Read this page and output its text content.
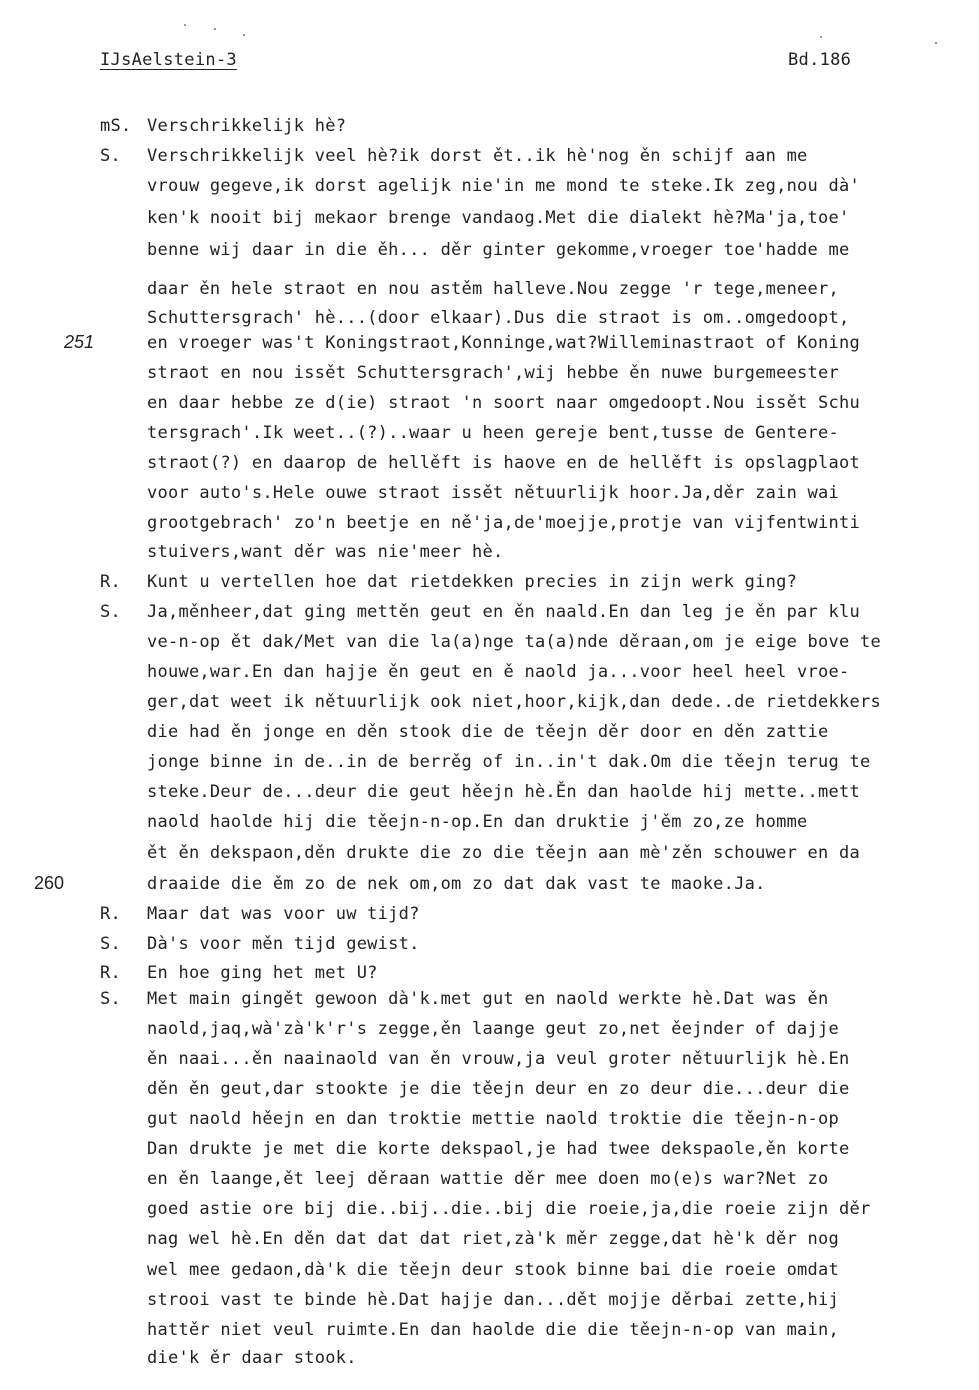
IJsAelstein-3	Bd.186
251
260
mS. Verschrikkelijk hè?
S. Verschrikkelijk veel hè?ik dorst ět..ik hè'nog ěn schijf aan me
vrouw gegeve,ik dorst agelijk nie'in me mond te steke.Ik zeg,nou dà'
ken'k nooit bij mekaor brenge vandaog.Met die dialekt hè?Ma'ja,toe'
benne wij daar in die ěh... děr ginter gekomme,vroeger toe'hadde me
daar ěn hele straot en nou astěm halleve.Nou zegge 'r tege,meneer,
Schuttersgrach' hè...(door elkaar).Dus die straot is om..omgedoopt,
en vroeger was't Koningstraot,Konninge,wat?Willeminastraot of Koning
straot en nou issět Schuttersgrach',wij hebbe ěn nuwe burgemeester
en daar hebbe ze d(ie) straot 'n soort naar omgedoopt.Nou issět Schu
tersgrach'.Ik weet..(?)..waar u heen gereje bent,tusse de Gentere-
straot(?) en daarop de hellěft is haove en de hellěft is opslagplaot
voor auto's.Hele ouwe straot issět nětuurlijk hoor.Ja,děr zain wai
grootgebrach' zo'n beetje en ně'ja,de'moejje,protje van vijfentwinti
stuivers,want děr was nie'meer hè.
R. Kunt u vertellen hoe dat rietdekken precies in zijn werk ging?
S. Ja,měnheer,dat ging mettěn geut en ěn naald.En dan leg je ěn par klu
ve-n-op ět dak/Met van die la(a)nge ta(a)nde děraan,om je eige bove te
houwe,war.En dan hajje ěn geut en ě naold ja...voor heel heel vroe-
ger,dat weet ik nětuurlijk ook niet,hoor,kijk,dan dede..de rietdekkers
die had ěn jonge en děn stook die de těejn děr door en děn zattie
jonge binne in de..in de berrěg of in..in't dak.Om die těejn terug te
steke.Deur de...deur die geut hěejn hè.Ěn dan haolde hij mette..mett
naold haolde hij die těejn-n-op.En dan druktie j'ěm zo,ze homme
ět ěn dekspaon,děn drukte die zo die těejn aan mè'zěn schouwer en da
draaide die ěm zo de nek om,om zo dat dak vast te maoke.Ja.
R. Maar dat was voor uw tijd?
S. Dà's voor měn tijd gewist.
R. En hoe ging het met U?
S. Met main gingět gewoon dà'k.met gut en naold werkte hè.Dat was ěn
naold,jaq,wà'zà'k'r's zegge,ěn laange geut zo,net ěejnder of dajje
ěn naai...ěn naainaold van ěn vrouw,ja veul groter nětuurlijk hè.En
děn ěn geut,dar stookte je die těejn deur en zo deur die...deur die
gut naold hěejn en dan troktie mettie naold troktie die těejn-n-op
Dan drukte je met die korte dekspaol,je had twee dekspaole,ěn korte
en ěn laange,ět leej děraan wattie děr mee doen mo(e)s war?Net zo
goed astie ore bij die..bij..die..bij die roeie,ja,die roeie zijn děr
nag wel hè.En děn dat dat dat riet,zà'k měr zegge,dat hè'k děr nog
wel mee gedaon,dà'k die těejn deur stook binne bai die roeie omdat
strooi vast te binde hè.Dat hajje dan...dět mojje děrbai zette,hij
hattěr niet veul ruimte.En dan haolde die die těejn-n-op van main,
die'k ěr daar stook.
